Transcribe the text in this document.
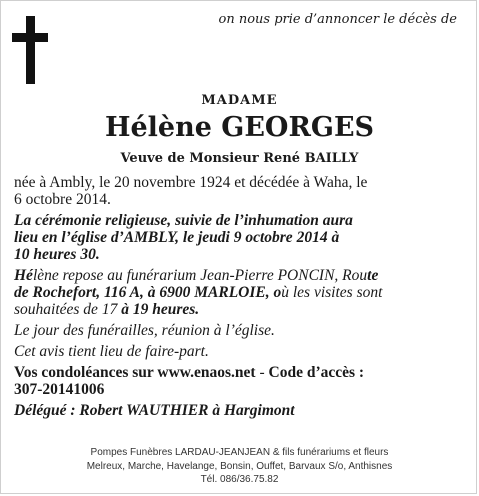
on nous prie d’annoncer le décès de
MADAME
Hélène GEORGES
Veuve de Monsieur René BAILLY

née à Ambly, le 20 novembre 1924 et décédée à Waha, le
6 octobre 2014.

La cérémonie religieuse, suivie de l’inhumation aura
lieu en l’église d’AMBLY, le jeudi 9 octobre 2014 à
10 heures 30.

Hélène repose au funérarium Jean-Pierre PONCIN, Route
de Rochefort, 116 A, à 6900 MARLOIE, où les visites sont
souhaitées de 17 à 19 heures.

Le jour des funérailles, réunion à l’église.

Cet avis tient lieu de faire-part.

Vos condoléances sur www.enaos.net - Code d’accès :
307-20141006

Délégué : Robert WAUTHIER à Hargimont

Pompes Funèbres LARDAU-JEANJEAN & fils funérariums et fleurs
Melreux, Marche, Havelange, Bonsin, Ouffet, Barvaux S/o, Anthisnes
Tél. 086/36.75.82
